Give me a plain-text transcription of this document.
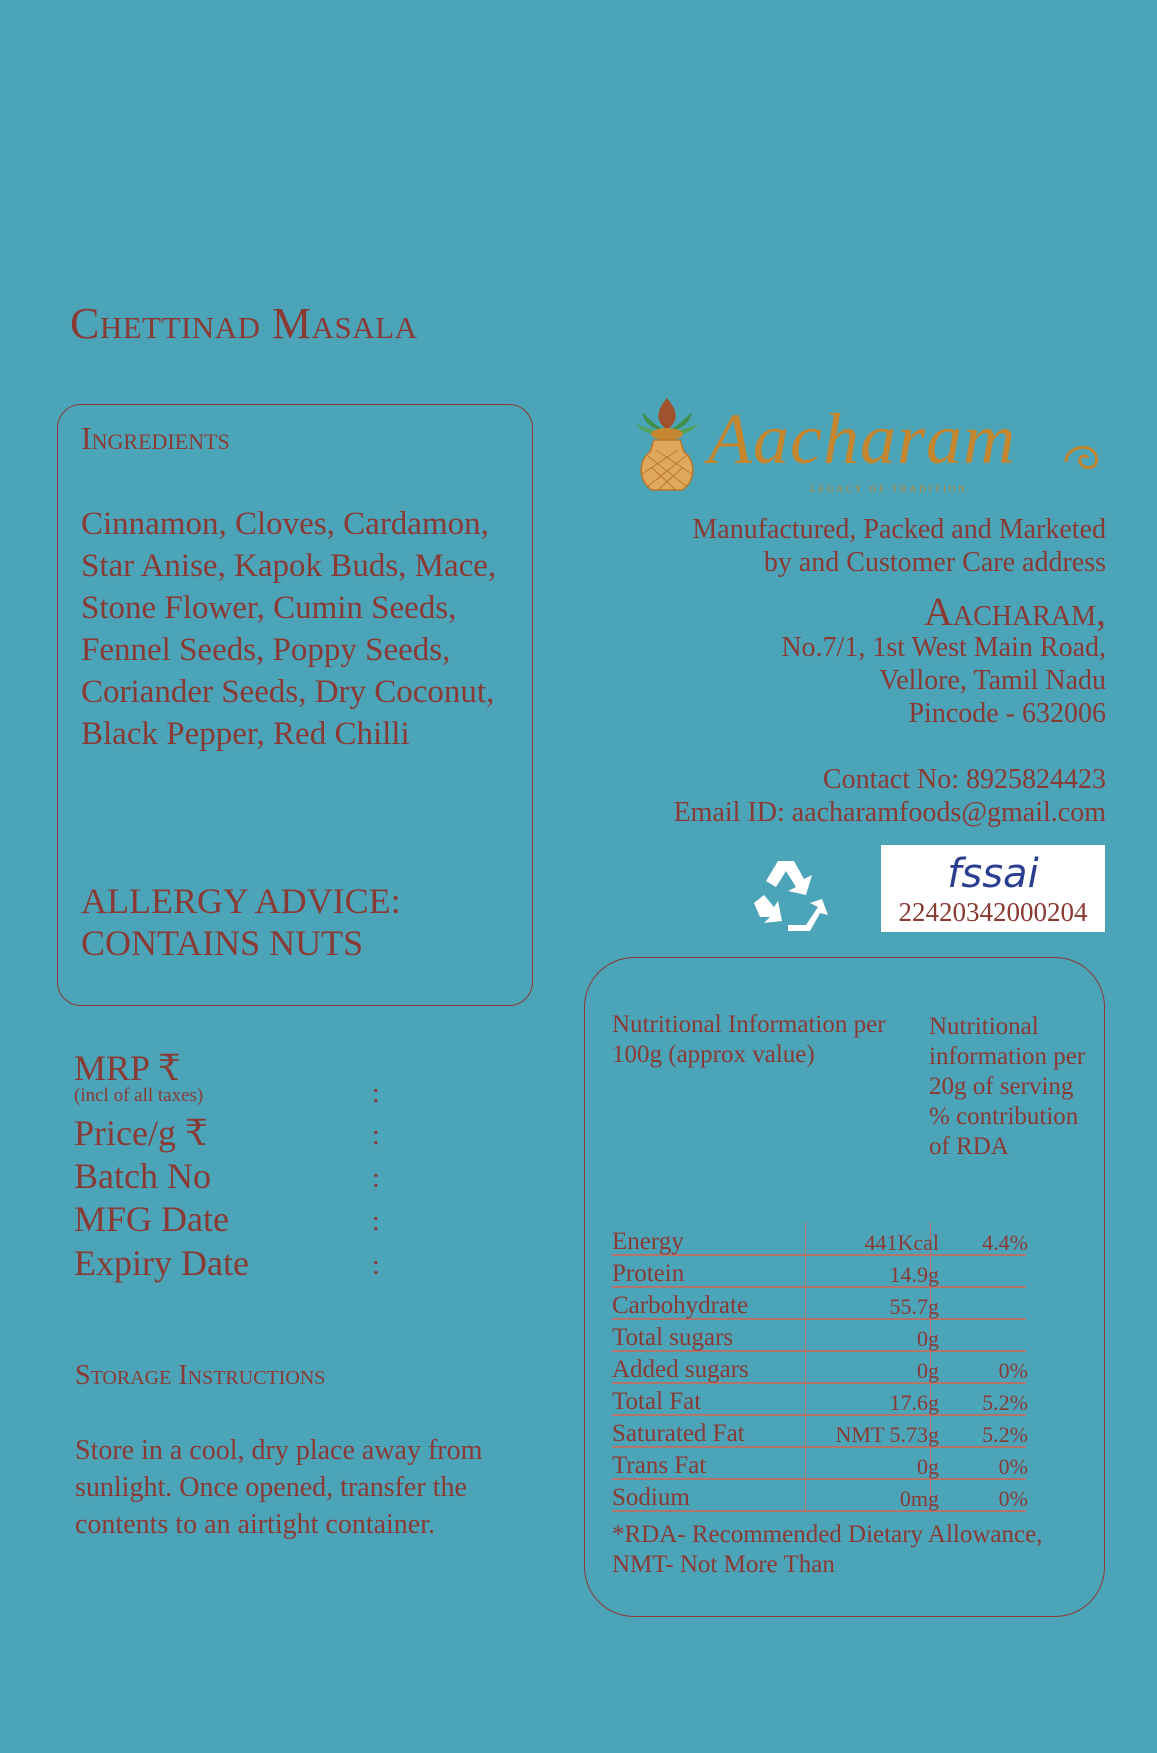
Chettinad Masala
Ingredients
Cinnamon, Cloves, Cardamon, Star Anise, Kapok Buds, Mace, Stone Flower, Cumin Seeds, Fennel Seeds, Poppy Seeds, Coriander Seeds, Dry Coconut, Black Pepper, Red Chilli
ALLERGY ADVICE: CONTAINS NUTS
MRP ₹
(incl of all taxes)	:
Price/g ₹	:
Batch No	:
MFG Date	:
Expiry Date	:
Storage Instructions
Store in a cool, dry place away from sunlight. Once opened, transfer the contents to an airtight container.
Aacharam
LEGACY OF TRADITION
Manufactured, Packed and Marketed
by and Customer Care address
Aacharam,
No.7/1, 1st West Main Road,
Vellore, Tamil Nadu
Pincode - 632006
Contact No: 8925824423
Email ID: aacharamfoods@gmail.com
fssai
22420342000204
Nutritional Information per 100g (approx value)
Nutritional information per 20g of serving % contribution of RDA
Energy	441Kcal	4.4%
Protein	14.9g
Carbohydrate	55.7g
Total sugars	0g
Added sugars	0g	0%
Total Fat	17.6g	5.2%
Saturated Fat	NMT 5.73g	5.2%
Trans Fat	0g	0%
Sodium	0mg	0%
*RDA- Recommended Dietary Allowance, NMT- Not More Than
